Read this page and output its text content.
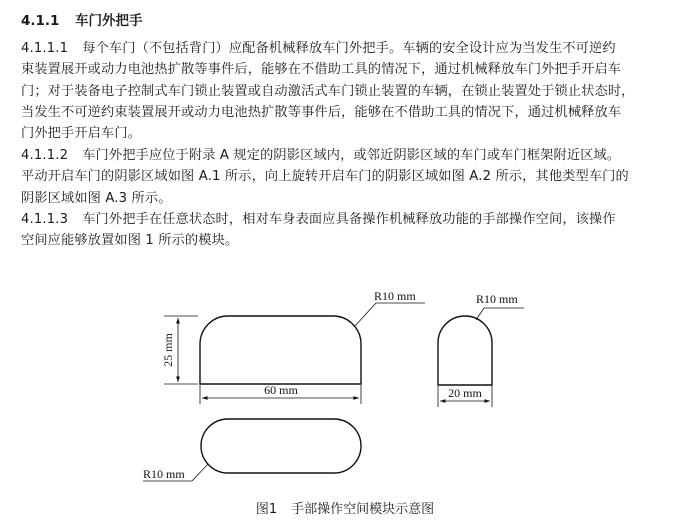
4.1.1 车门外把手
4.1.1.1 每个车门（不包括背门）应配备机械释放车门外把手。车辆的安全设计应为当发生不可逆约
束装置展开或动力电池热扩散等事件后，能够在不借助工具的情况下，通过机械释放车门外把手开启车
门；对于装备电子控制式车门锁止装置或自动激活式车门锁止装置的车辆，在锁止装置处于锁止状态时，
当发生不可逆约束装置展开或动力电池热扩散等事件后，能够在不借助工具的情况下，通过机械释放车
门外把手开启车门。
4.1.1.2 车门外把手应位于附录 A 规定的阴影区域内，或邻近阴影区域的车门或车门框架附近区域。
平动开启车门的阴影区域如图 A.1 所示，向上旋转开启车门的阴影区域如图 A.2 所示，其他类型车门的
阴影区域如图 A.3 所示。
4.1.1.3 车门外把手在任意状态时，相对车身表面应具备操作机械释放功能的手部操作空间，该操作
空间应能够放置如图 1 所示的模块。
25 mm
60 mm
R10 mm	R10 mm
20 mm
R10 mm
图1 手部操作空间模块示意图
